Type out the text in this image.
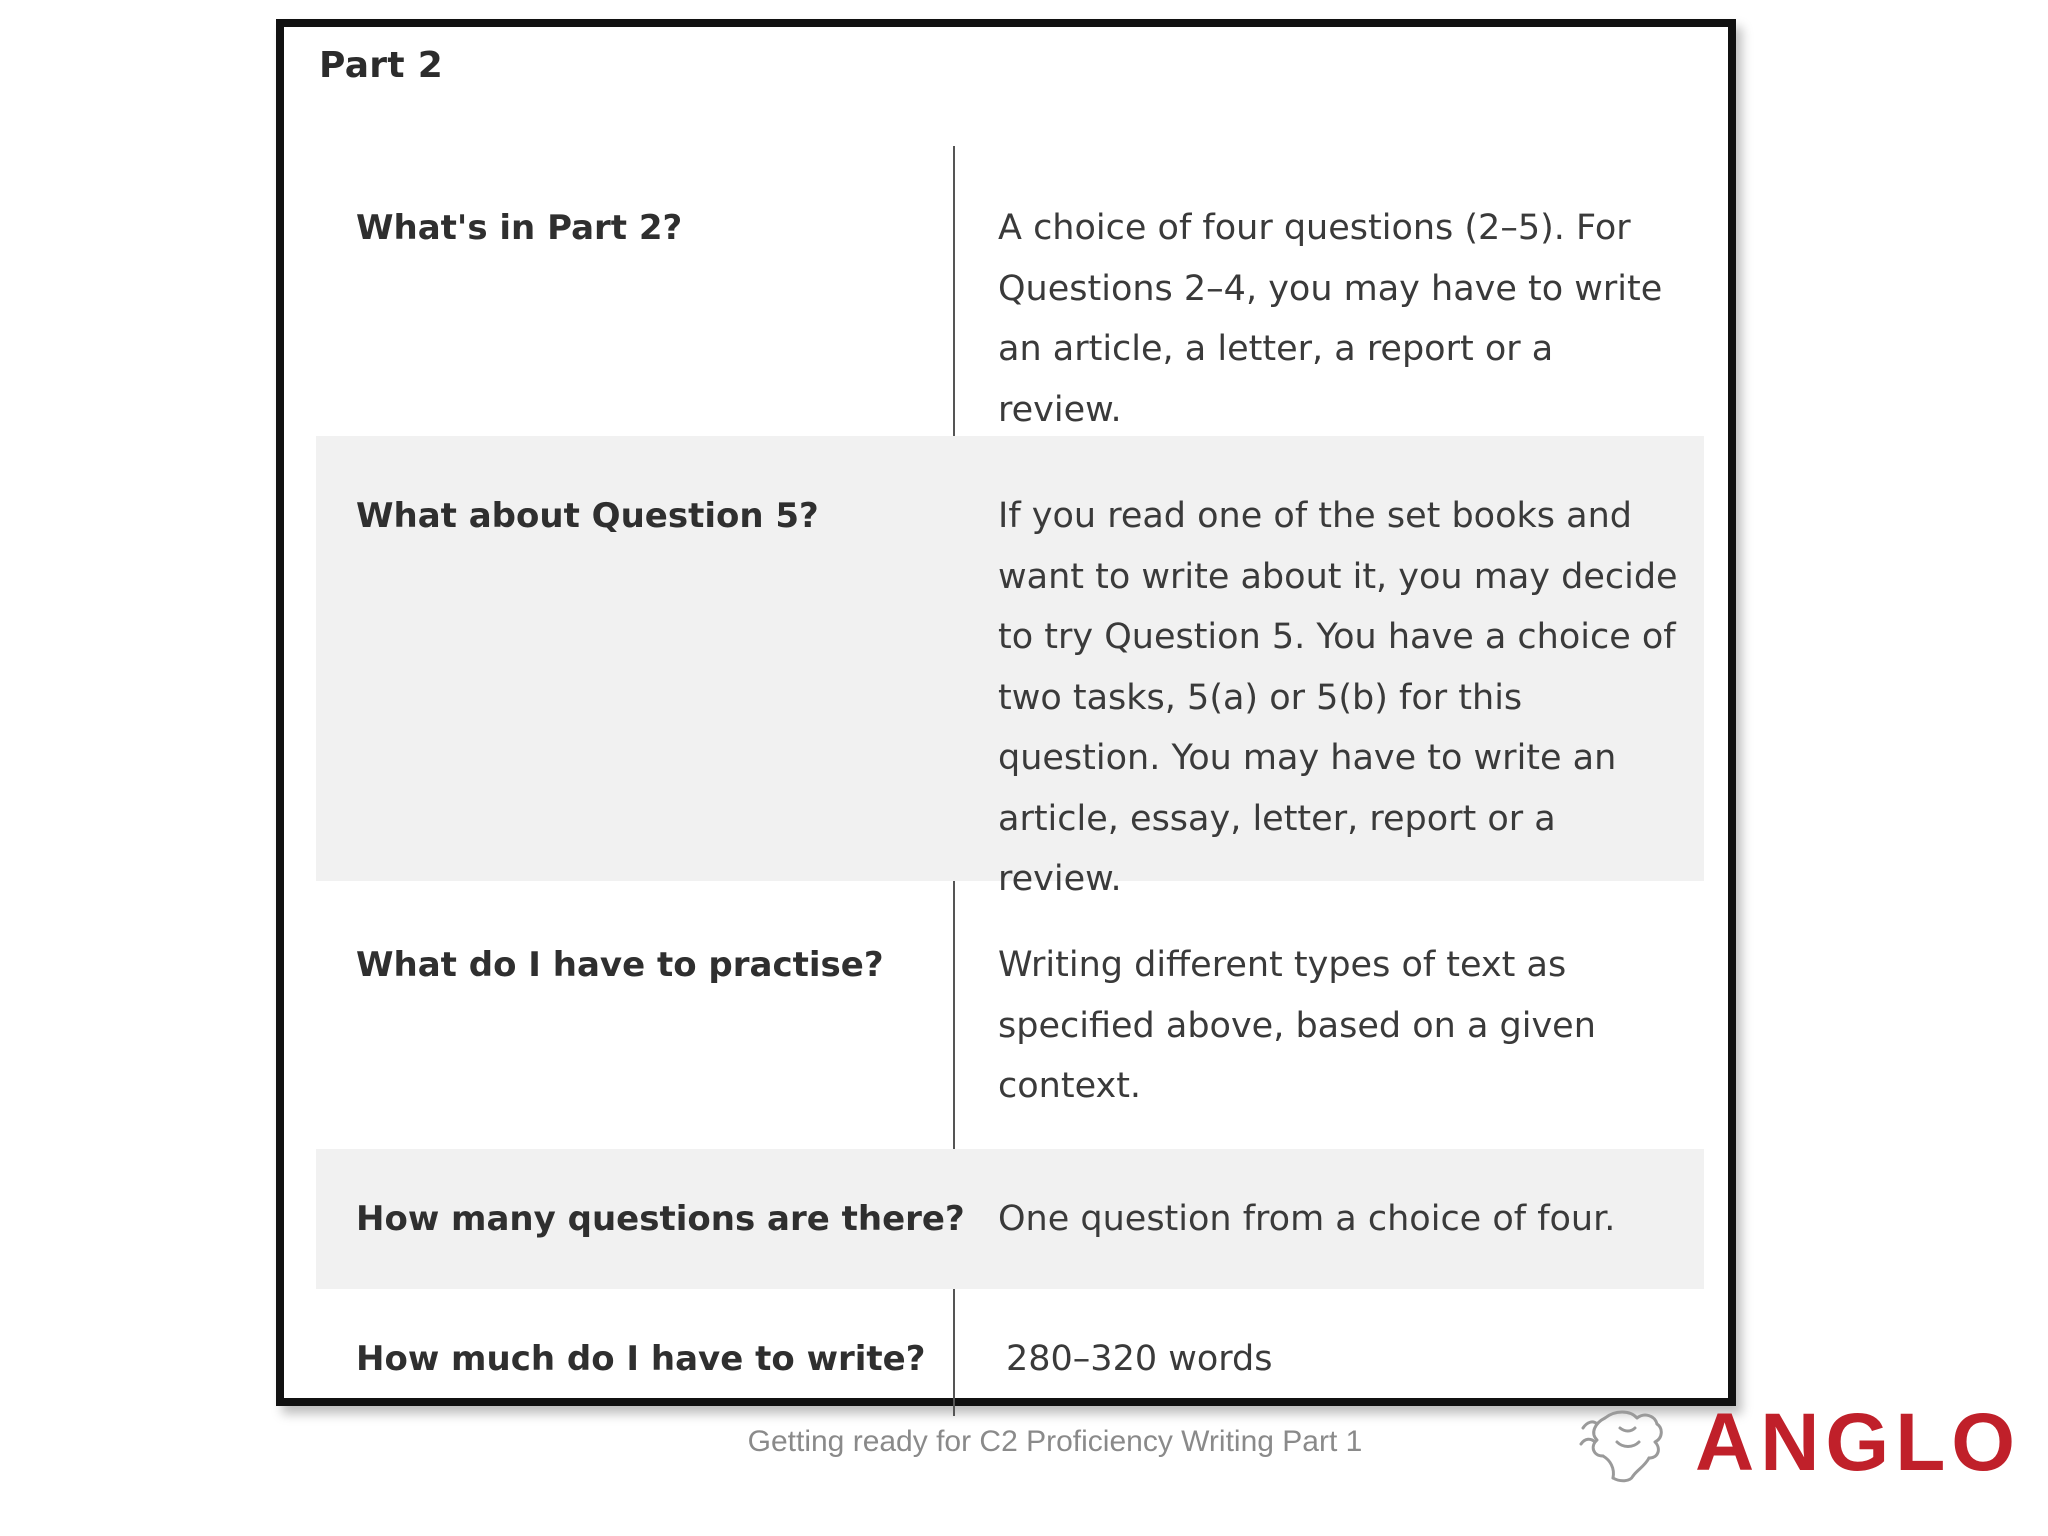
Part 2
What's in Part 2?	A choice of four questions (2–5). For Questions 2–4, you may have to write an article, a letter, a report or a review.
What about Question 5?	If you read one of the set books and want to write about it, you may decide to try Question 5. You have a choice of two tasks, 5(a) or 5(b) for this question. You may have to write an article, essay, letter, report or a review.
What do I have to practise?	Writing different types of text as specified above, based on a given context.
How many questions are there? One question from a choice of four.
How much do I have to write? 280–320 words
Getting ready for C2 Proficiency Writing Part 1	ANGLO
